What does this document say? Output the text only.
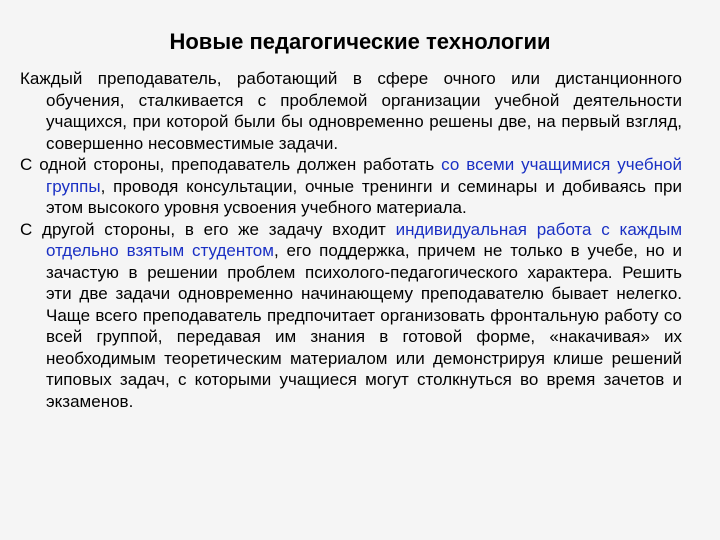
Новые педагогические технологии

Каждый преподаватель, работающий в сфере очного или дистанционного обучения, сталкивается с проблемой организации учебной деятельности учащихся, при которой были бы одновременно решены две, на первый взгляд, совершенно несовместимые задачи.

С одной стороны, преподаватель должен работать со всеми учащимися учебной группы, проводя консультации, очные тренинги и семинары и добиваясь при этом высокого уровня усвоения учебного материала.

С другой стороны, в его же задачу входит индивидуальная работа с каждым отдельно взятым студентом, его поддержка, причем не только в учебе, но и зачастую в решении проблем психолого-педагогического характера. Решить эти две задачи одновременно начинающему преподавателю бывает нелегко. Чаще всего преподаватель предпочитает организовать фронтальную работу со всей группой, передавая им знания в готовой форме, «накачивая» их необходимым теоретическим материалом или демонстрируя клише решений типовых задач, с которыми учащиеся могут столкнуться во время зачетов и экзаменов.
